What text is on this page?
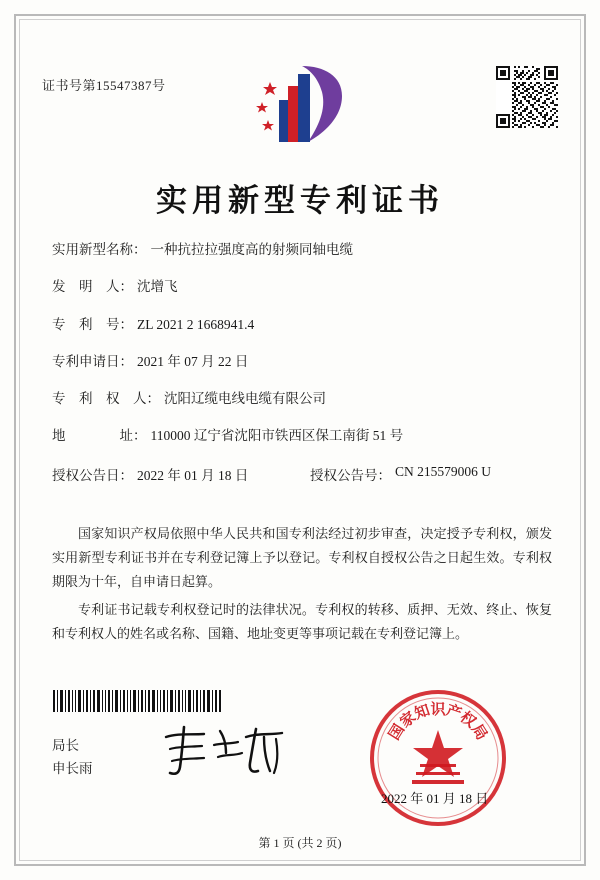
证书号第15547387号
实用新型专利证书
实用新型名称： 一种抗拉拉强度高的射频同轴电缆
发　明　人： 沈增飞
专　利　号： ZL 2021 2 1668941.4
专利申请日： 2021 年 07 月 22 日
专　利　权　人： 沈阳辽缆电线电缆有限公司
地　　　　址： 110000 辽宁省沈阳市铁西区保工南街 51 号
授权公告日： 2022 年 01 月 18 日	授权公告号： CN 215579006 U

国家知识产权局依照中华人民共和国专利法经过初步审查，决定授予专利权，颁发实用新型专利证书并在专利登记簿上予以登记。专利权自授权公告之日起生效。专利权期限为十年，自申请日起算。

专利证书记载专利权登记时的法律状况。专利权的转移、质押、无效、终止、恢复和专利权人的姓名或名称、国籍、地址变更等事项记载在专利登记簿上。

局长
申长雨
国
家
知
识
产
权
局
2022 年 01 月 18 日
第 1 页 (共 2 页)
